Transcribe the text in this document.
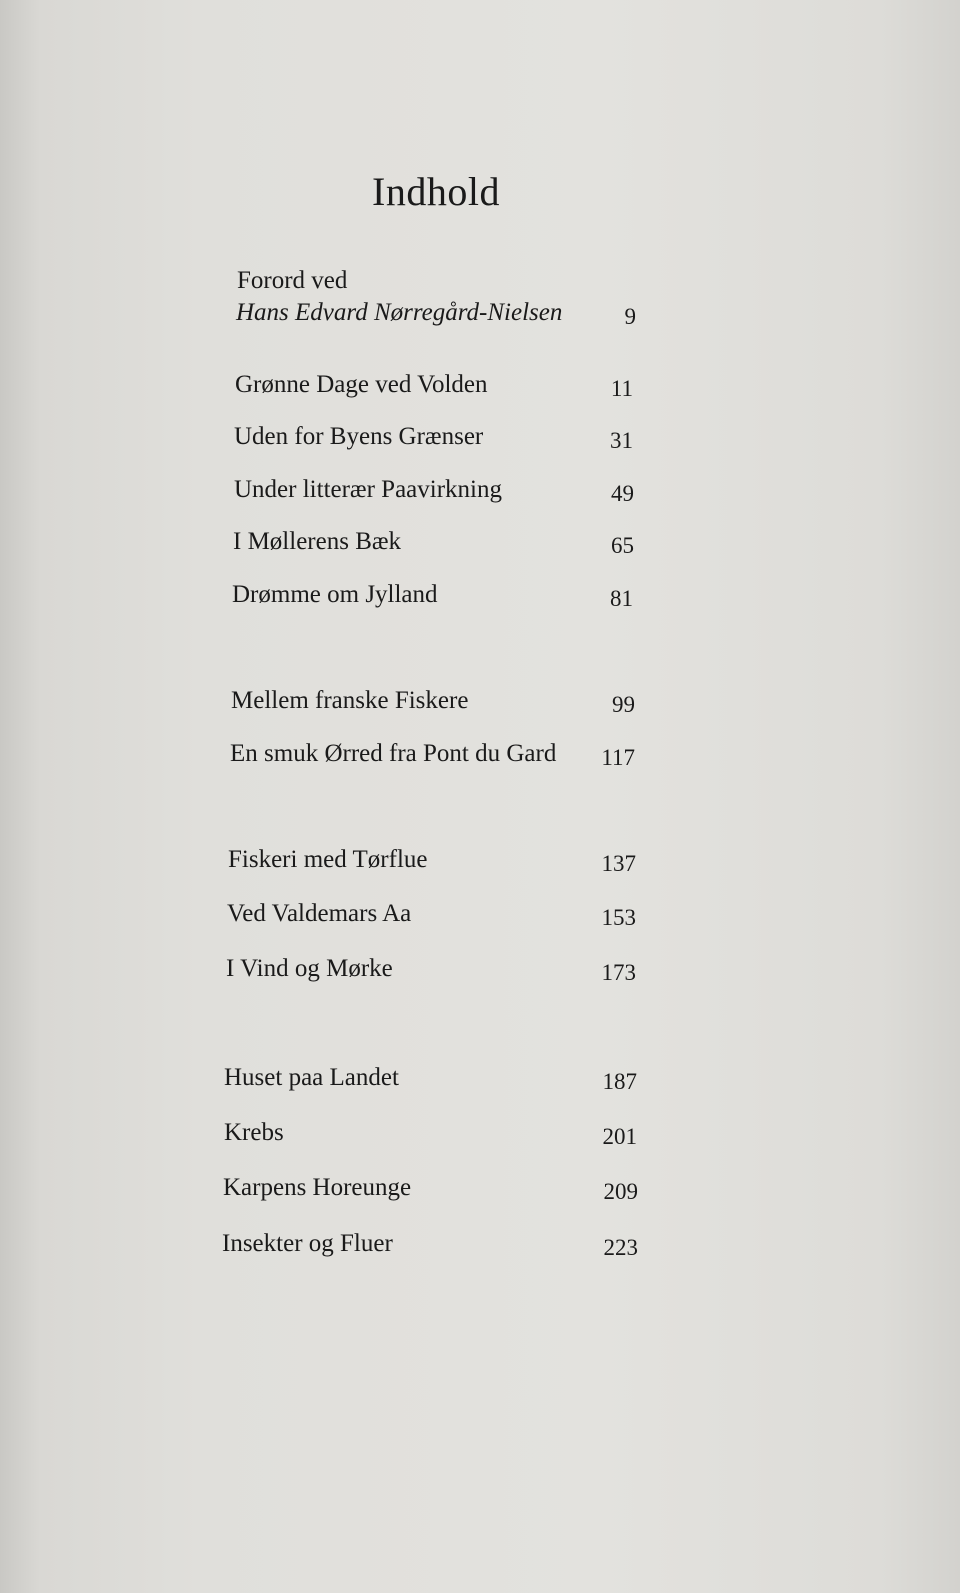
Indhold
Forord ved
Hans Edvard Nørregård-Nielsen	9
Grønne Dage ved Volden	11
Uden for Byens Grænser	31
Under litterær Paavirkning	49
I Møllerens Bæk	65
Drømme om Jylland	81
Mellem franske Fiskere	99
En smuk Ørred fra Pont du Gard 117
Fiskeri med Tørflue	137
Ved Valdemars Aa	153
I Vind og Mørke	173
Huset paa Landet	187
Krebs	201
Karpens Horeunge	209
Insekter og Fluer	223
